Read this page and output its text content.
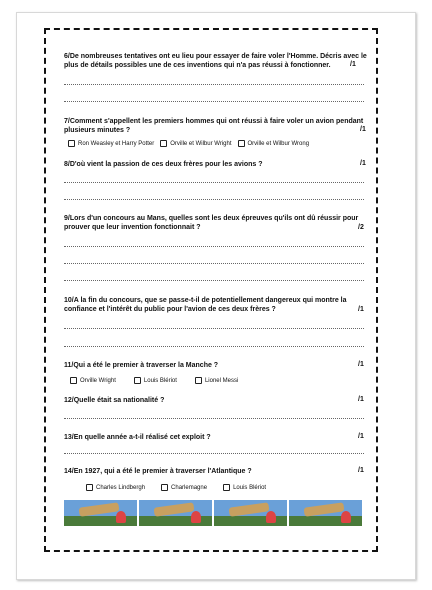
6/De nombreuses tentatives ont eu lieu pour essayer de faire voler l'Homme. Décris avec le plus de détails possibles une de ces inventions qui n'a pas réussi à fonctionner.	/1
7/Comment s'appellent les premiers hommes qui ont réussi à faire voler un avion pendant plusieurs minutes ?	/1
Ron Weasley et Harry Potter	Orville et Wilbur Wright	Orville et Wilbur Wrong
8/D'où vient la passion de ces deux frères pour les avions ?	/1
9/Lors d'un concours au Mans, quelles sont les deux épreuves qu'ils ont dû réussir pour prouver que leur invention fonctionnait ?	/2
10/A la fin du concours, que se passe-t-il de potentiellement dangereux qui montre la confiance et l'intérêt du public pour l'avion de ces deux frères ?	/1
11/Qui a été le premier à traverser la Manche ?	/1
Orville Wright	Louis Blériot	Lionel Messi
12/Quelle était sa nationalité ?	/1
13/En quelle année a-t-il réalisé cet exploit ?	/1
14/En 1927, qui a été le premier à traverser l'Atlantique ?	/1
Charles Lindbergh	Charlemagne	Louis Blériot
